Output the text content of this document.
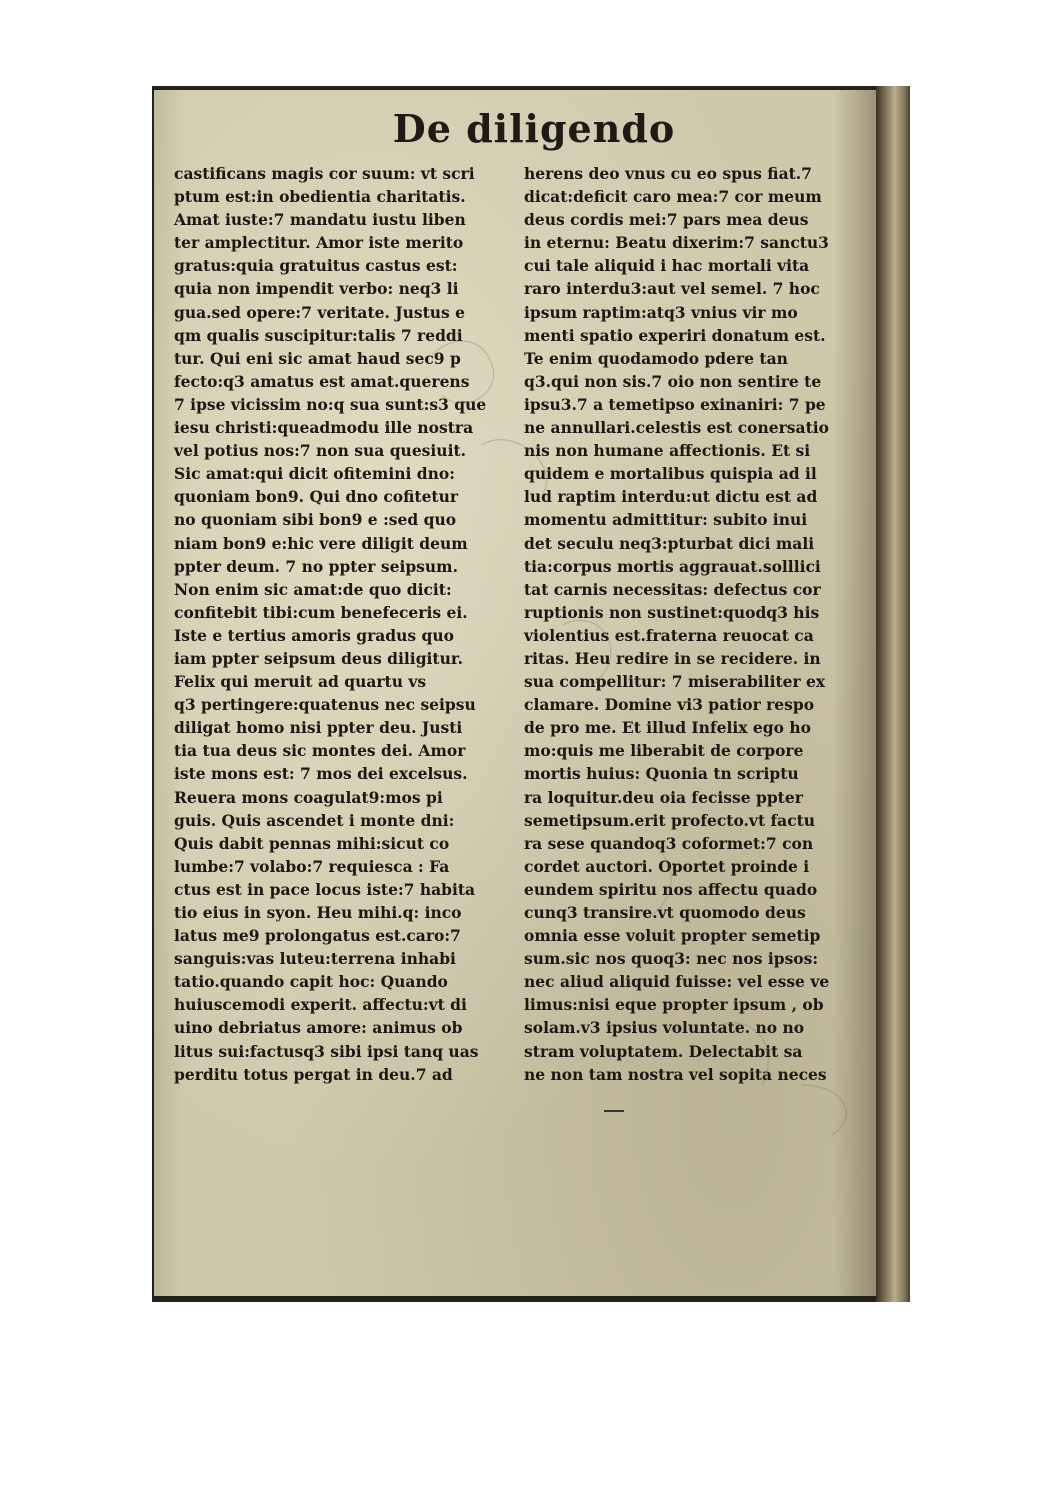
De diligendo
castificans magis cor suum: vt scri
ptum est:in obedientia charitatis.
Amat iuste:7 mandatu iustu liben
ter amplectitur. Amor iste merito
gratus:quia gratuitus castus est:
quia non impendit verbo: neq3 li
gua.sed opere:7 veritate. Justus e
qm qualis suscipitur:talis 7 reddi
tur. Qui eni sic amat haud sec9 p
fecto:q3 amatus est amat.querens
7 ipse vicissim no:q sua sunt:s3 que
iesu christi:queadmodu ille nostra
vel potius nos:7 non sua quesiuit.
Sic amat:qui dicit ofitemini dno:
quoniam bon9. Qui dno cofitetur
no quoniam sibi bon9 e :sed quo
niam bon9 e:hic vere diligit deum
ppter deum. 7 no ppter seipsum.
Non enim sic amat:de quo dicit:
confitebit tibi:cum benefeceris ei.
Iste e tertius amoris gradus quo
iam ppter seipsum deus diligitur.
Felix qui meruit ad quartu vs
q3 pertingere:quatenus nec seipsu
diligat homo nisi ppter deu. Justi
tia tua deus sic montes dei. Amor
iste mons est: 7 mos dei excelsus.
Reuera mons coagulat9:mos pi
guis. Quis ascendet i monte dni:
Quis dabit pennas mihi:sicut co
lumbe:7 volabo:7 requiesca : Fa
ctus est in pace locus iste:7 habita
tio eius in syon. Heu mihi.q: inco
latus me9 prolongatus est.caro:7
sanguis:vas luteu:terrena inhabi
tatio.quando capit hoc: Quando
huiuscemodi experit. affectu:vt di
uino debriatus amore: animus ob
litus sui:factusq3 sibi ipsi tanq uas
perditu totus pergat in deu.7 ad
herens deo vnus cu eo spus fiat.7
dicat:deficit caro mea:7 cor meum
deus cordis mei:7 pars mea deus
in eternu: Beatu dixerim:7 sanctu3
cui tale aliquid i hac mortali vita
raro interdu3:aut vel semel. 7 hoc
ipsum raptim:atq3 vnius vir mo
menti spatio experiri donatum est.
Te enim quodamodo pdere tan
q3.qui non sis.7 oio non sentire te
ipsu3.7 a temetipso exinaniri: 7 pe
ne annullari.celestis est conersatio
nis non humane affectionis. Et si
quidem e mortalibus quispia ad il
lud raptim interdu:ut dictu est ad
momentu admittitur: subito inui
det seculu neq3:pturbat dici mali
tia:corpus mortis aggrauat.solllici
tat carnis necessitas: defectus cor
ruptionis non sustinet:quodq3 his
violentius est.fraterna reuocat ca
ritas. Heu redire in se recidere. in
sua compellitur: 7 miserabiliter ex
clamare. Domine vi3 patior respo
de pro me. Et illud Infelix ego ho
mo:quis me liberabit de corpore
mortis huius: Quonia tn scriptu
ra loquitur.deu oia fecisse ppter
semetipsum.erit profecto.vt factu
ra sese quandoq3 coformet:7 con
cordet auctori. Oportet proinde i
eundem spiritu nos affectu quado
cunq3 transire.vt quomodo deus
omnia esse voluit propter semetip
sum.sic nos quoq3: nec nos ipsos:
nec aliud aliquid fuisse: vel esse ve
limus:nisi eque propter ipsum , ob
solam.v3 ipsius voluntate. no no
stram voluptatem. Delectabit sa
ne non tam nostra vel sopita neces
